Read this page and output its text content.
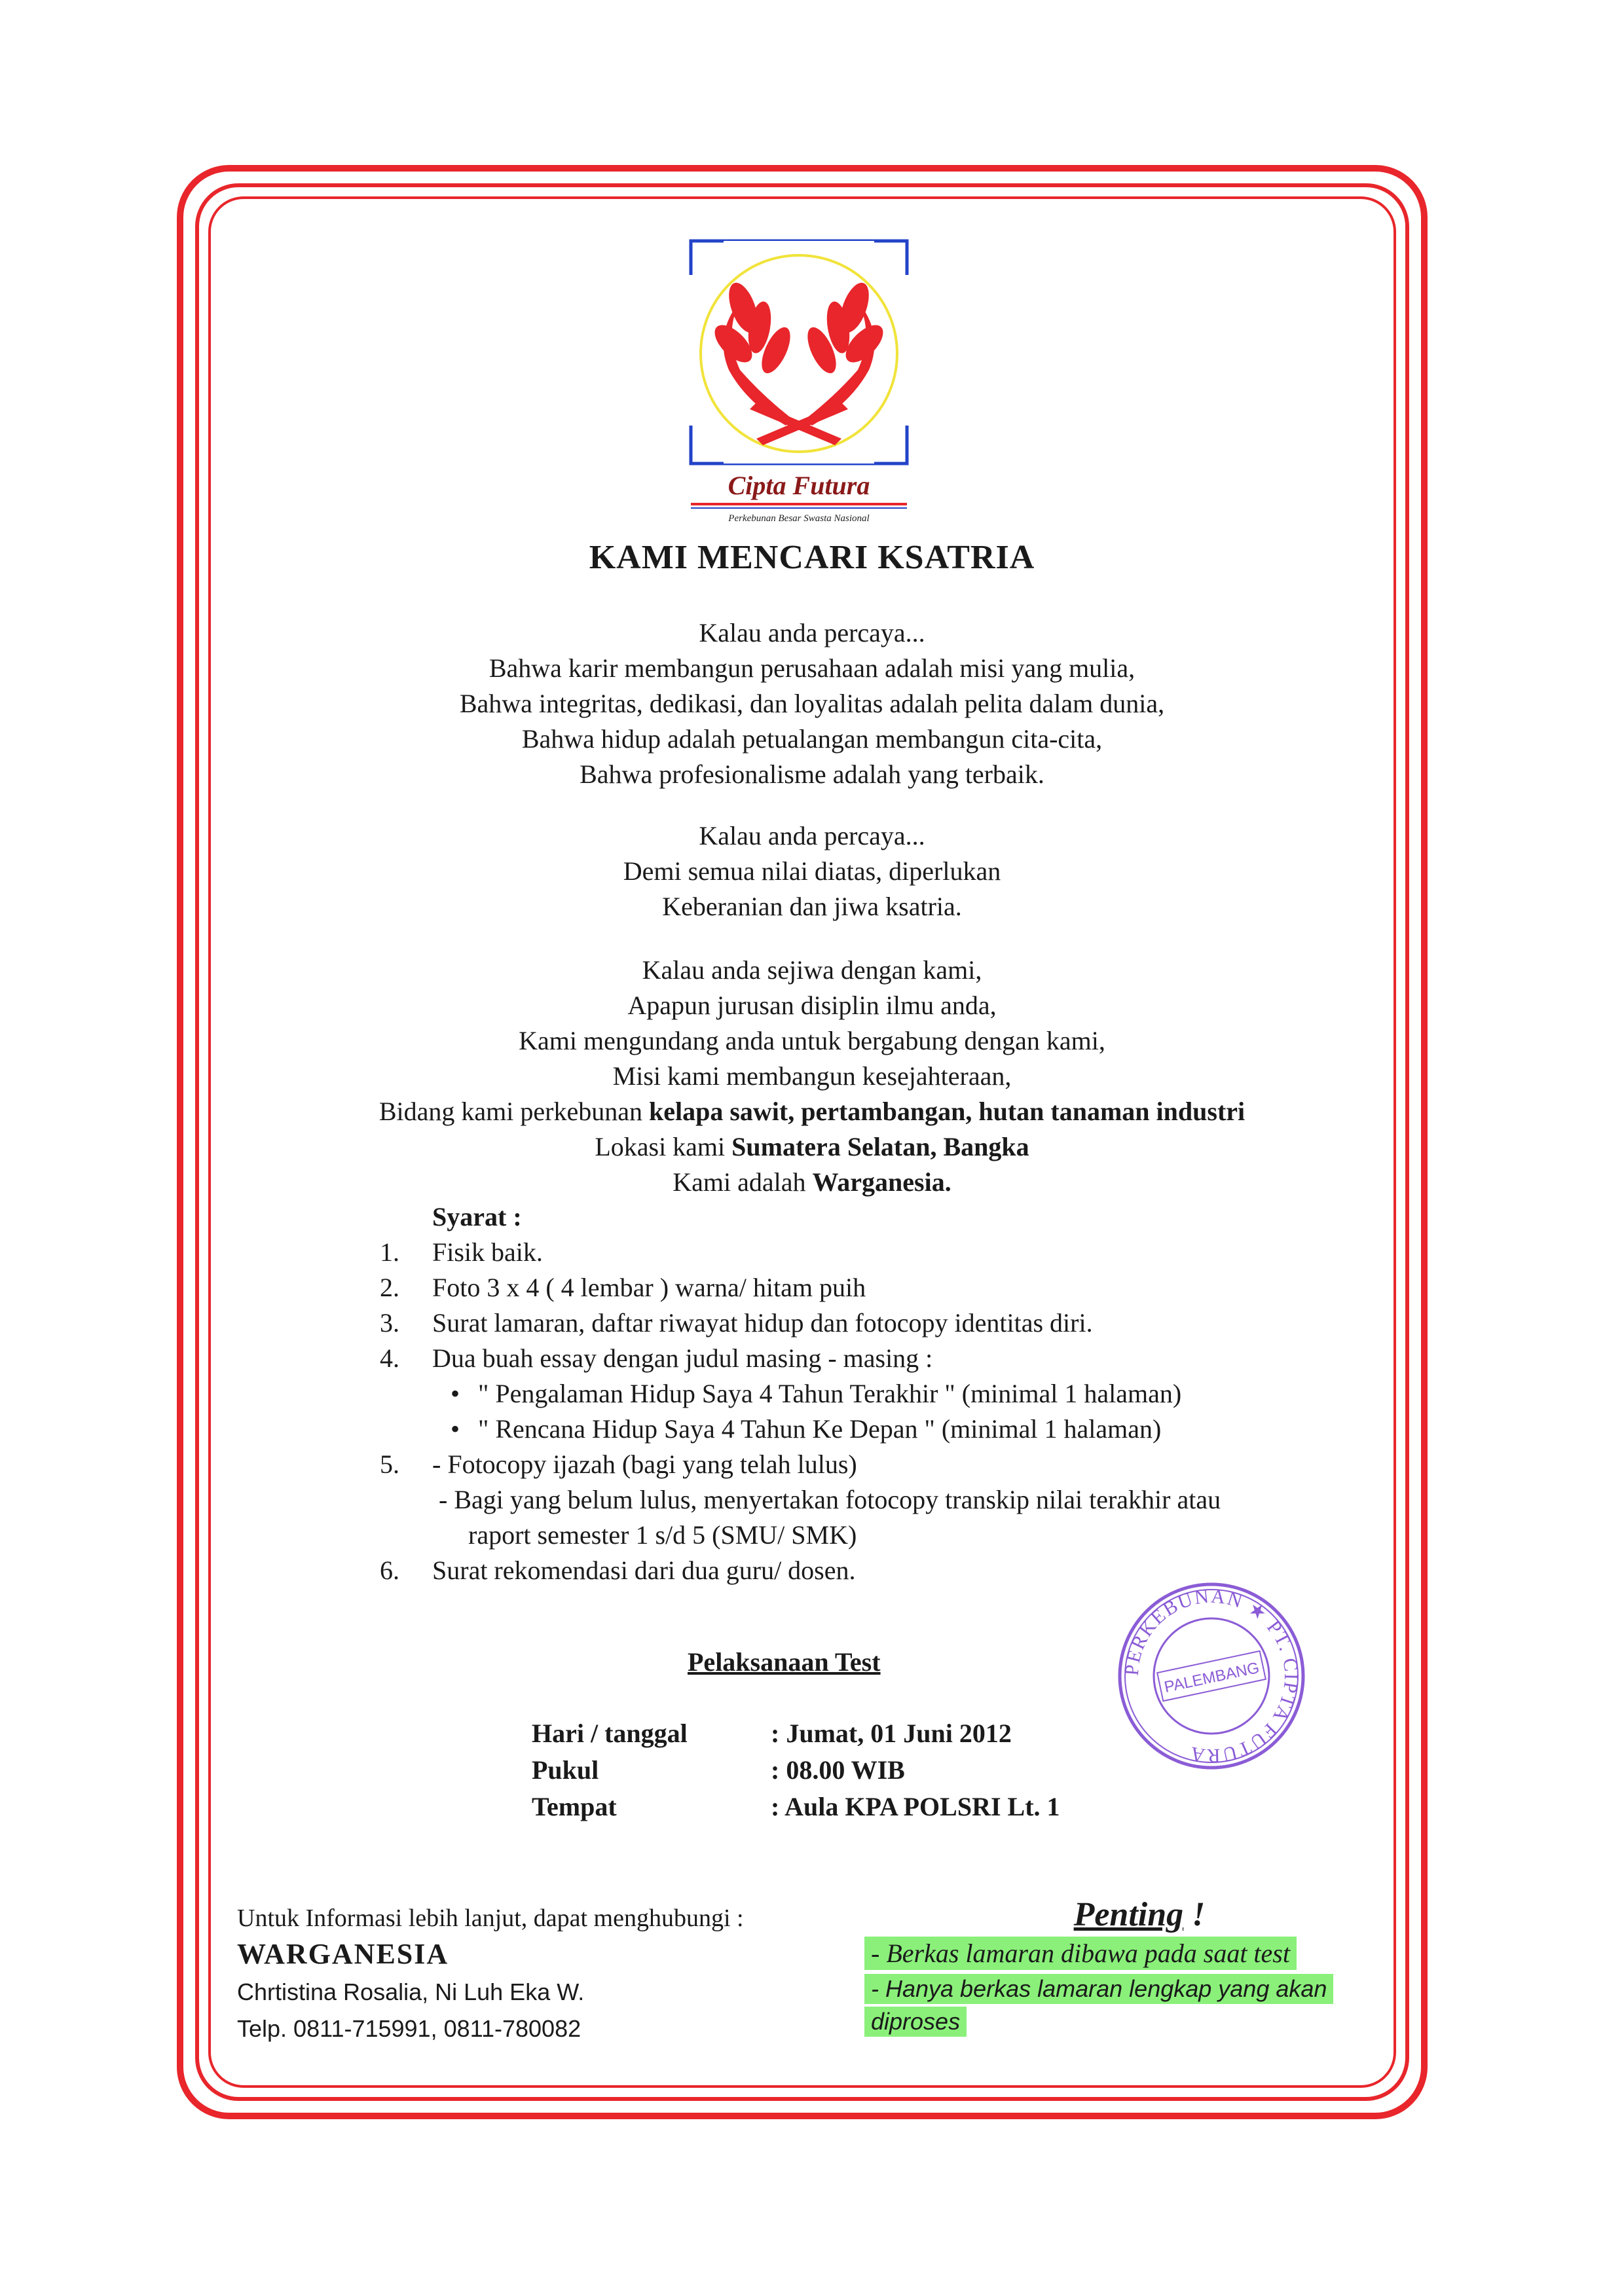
Cipta Futura
Perkebunan Besar Swasta Nasional
KAMI MENCARI KSATRIA
Kalau anda percaya...
Bahwa karir membangun perusahaan adalah misi yang mulia,
Bahwa integritas, dedikasi, dan loyalitas adalah pelita dalam dunia,
Bahwa hidup adalah petualangan membangun cita-cita,
Bahwa profesionalisme adalah yang terbaik.
Kalau anda percaya...
Demi semua nilai diatas, diperlukan
Keberanian dan jiwa ksatria.
Kalau anda sejiwa dengan kami,
Apapun jurusan disiplin ilmu anda,
Kami mengundang anda untuk bergabung dengan kami,
Misi kami membangun kesejahteraan,
Bidang kami perkebunan kelapa sawit, pertambangan, hutan tanaman industri
Lokasi kami Sumatera Selatan, Bangka
Kami adalah Warganesia.
Syarat :
1.	Fisik baik.
2.	Foto 3 x 4 ( 4 lembar ) warna/ hitam puih
3.	Surat lamaran, daftar riwayat hidup dan fotocopy identitas diri.
4.	Dua buah essay dengan judul masing - masing :
• " Pengalaman Hidup Saya 4 Tahun Terakhir " (minimal 1 halaman)
• " Rencana Hidup Saya 4 Tahun Ke Depan " (minimal 1 halaman)
5.	- Fotocopy ijazah (bagi yang telah lulus)
- Bagi yang belum lulus, menyertakan fotocopy transkip nilai terakhir atau
raport semester 1 s/d 5 (SMU/ SMK)
6.	Surat rekomendasi dari dua guru/ dosen.
Pelaksanaan Test
Hari / tanggal	: Jumat, 01 Juni 2012
Pukul	: 08.00 WIB
Tempat	: Aula KPA POLSRI Lt. 1
PERKEBUNAN ★ PT. CIPTA FUTURA
PALEMBANG
Untuk Informasi lebih lanjut, dapat menghubungi :
WARGANESIA
Chrtistina Rosalia, Ni Luh Eka W.
Telp. 0811-715991, 0811-780082
Penting !
- Berkas lamaran dibawa pada saat test
- Hanya berkas lamaran lengkap yang akan
diproses
